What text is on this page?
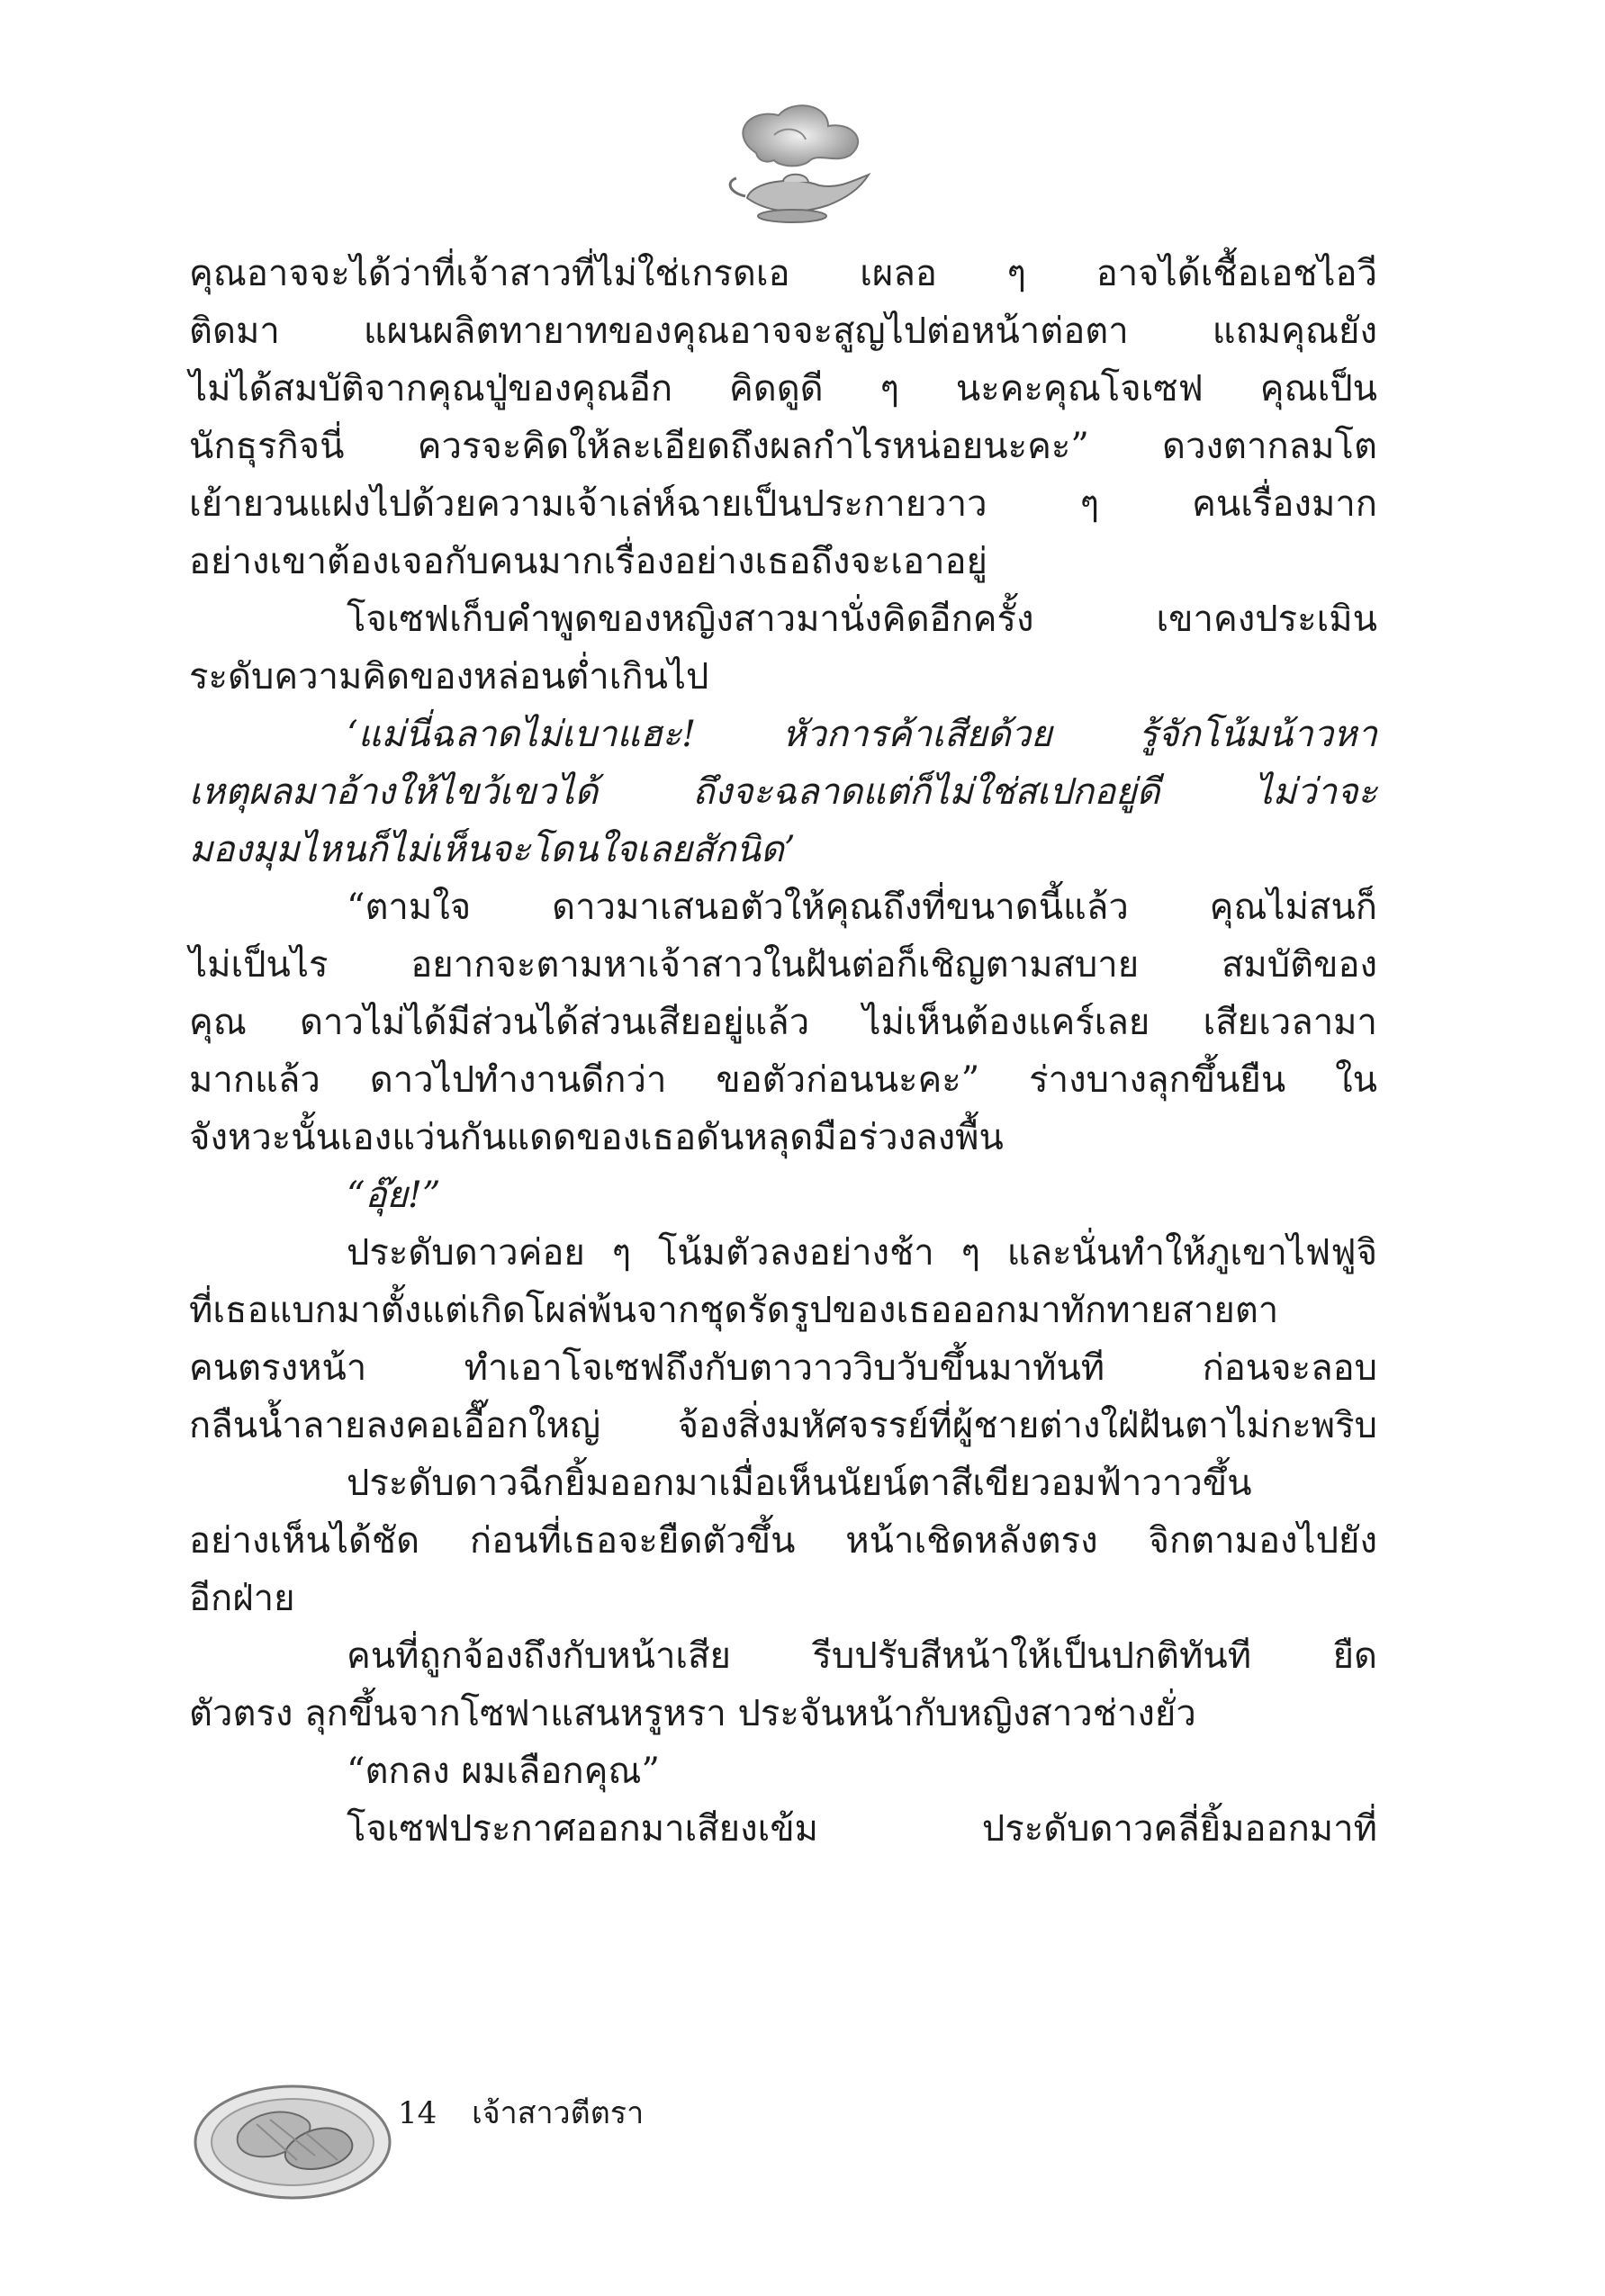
คุณอาจจะได้ว่าที่เจ้าสาวที่ไม่ใช่เกรดเอ เผลอ ๆ อาจได้เชื้อเอชไอวี
ติดมา แผนผลิตทายาทของคุณอาจจะสูญไปต่อหน้าต่อตา แถมคุณยัง
ไม่ได้สมบัติจากคุณปู่ของคุณอีก คิดดูดี ๆ นะคะคุณโจเซฟ คุณเป็น
นักธุรกิจนี่ ควรจะคิดให้ละเอียดถึงผลกำไรหน่อยนะคะ” ดวงตากลมโต
เย้ายวนแฝงไปด้วยความเจ้าเล่ห์ฉายเป็นประกายวาว ๆ คนเรื่องมาก
อย่างเขาต้องเจอกับคนมากเรื่องอย่างเธอถึงจะเอาอยู่
โจเซฟเก็บคำพูดของหญิงสาวมานั่งคิดอีกครั้ง เขาคงประเมิน
ระดับความคิดของหล่อนต่ำเกินไป
‘แม่นี่ฉลาดไม่เบาแฮะ! หัวการค้าเสียด้วย รู้จักโน้มน้าวหา
เหตุผลมาอ้างให้ไขว้เขวได้ ถึงจะฉลาดแต่ก็ไม่ใช่สเปกอยู่ดี ไม่ว่าจะ
มองมุมไหนก็ไม่เห็นจะโดนใจเลยสักนิด’
“ตามใจ ดาวมาเสนอตัวให้คุณถึงที่ขนาดนี้แล้ว คุณไม่สนก็
ไม่เป็นไร อยากจะตามหาเจ้าสาวในฝันต่อก็เชิญตามสบาย สมบัติของ
คุณ ดาวไม่ได้มีส่วนได้ส่วนเสียอยู่แล้ว ไม่เห็นต้องแคร์เลย เสียเวลามา
มากแล้ว ดาวไปทำงานดีกว่า ขอตัวก่อนนะคะ” ร่างบางลุกขึ้นยืน ใน
จังหวะนั้นเองแว่นกันแดดของเธอดันหลุดมือร่วงลงพื้น
“อุ๊ย!”
ประดับดาวค่อย ๆ โน้มตัวลงอย่างช้า ๆ และนั่นทำให้ภูเขาไฟฟูจิ
ที่เธอแบกมาตั้งแต่เกิดโผล่พ้นจากชุดรัดรูปของเธอออกมาทักทายสายตา
คนตรงหน้า ทำเอาโจเซฟถึงกับตาวาววิบวับขึ้นมาทันที ก่อนจะลอบ
กลืนน้ำลายลงคอเอื๊อกใหญ่ จ้องสิ่งมหัศจรรย์ที่ผู้ชายต่างใฝ่ฝันตาไม่กะพริบ
ประดับดาวฉีกยิ้มออกมาเมื่อเห็นนัยน์ตาสีเขียวอมฟ้าวาวขึ้น
อย่างเห็นได้ชัด ก่อนที่เธอจะยืดตัวขึ้น หน้าเชิดหลังตรง จิกตามองไปยัง
อีกฝ่าย
คนที่ถูกจ้องถึงกับหน้าเสีย รีบปรับสีหน้าให้เป็นปกติทันที ยืด
ตัวตรง ลุกขึ้นจากโซฟาแสนหรูหรา ประจันหน้ากับหญิงสาวช่างยั่ว
“ตกลง ผมเลือกคุณ”
โจเซฟประกาศออกมาเสียงเข้ม ประดับดาวคลี่ยิ้มออกมาที่
14 เจ้าสาวตีตรา
